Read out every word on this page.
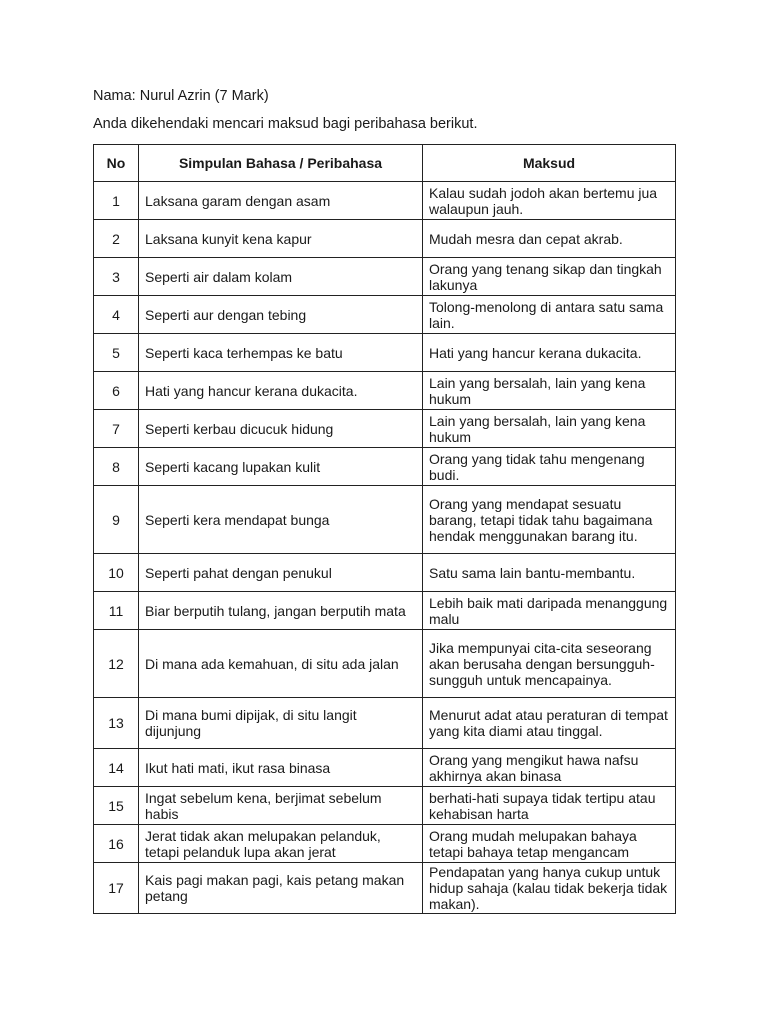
Nama: Nurul Azrin (7 Mark)
Anda dikehendaki mencari maksud bagi peribahasa berikut.
No	Simpulan Bahasa / Peribahasa	Maksud
1	Laksana garam dengan asam	Kalau sudah jodoh akan bertemu jua walaupun jauh.
2	Laksana kunyit kena kapur	Mudah mesra dan cepat akrab.
3	Seperti air dalam kolam	Orang yang tenang sikap dan tingkah lakunya
4	Seperti aur dengan tebing	Tolong-menolong di antara satu sama lain.
5	Seperti kaca terhempas ke batu	Hati yang hancur kerana dukacita.
6	Hati yang hancur kerana dukacita.	Lain yang bersalah, lain yang kena hukum
7	Seperti kerbau dicucuk hidung	Lain yang bersalah, lain yang kena hukum
8	Seperti kacang lupakan kulit	Orang yang tidak tahu mengenang budi.
9	Seperti kera mendapat bunga	Orang yang mendapat sesuatu barang, tetapi tidak tahu bagaimana hendak menggunakan barang itu.
10	Seperti pahat dengan penukul	Satu sama lain bantu-membantu.
11	Biar berputih tulang, jangan berputih mata	Lebih baik mati daripada menanggung malu
12	Di mana ada kemahuan, di situ ada jalan	Jika mempunyai cita-cita seseorang akan berusaha dengan bersungguh-sungguh untuk mencapainya.
13	Di mana bumi dipijak, di situ langit dijunjung	Menurut adat atau peraturan di tempat yang kita diami atau tinggal.
14	Ikut hati mati, ikut rasa binasa	Orang yang mengikut hawa nafsu akhirnya akan binasa
15	Ingat sebelum kena, berjimat sebelum habis	berhati-hati supaya tidak tertipu atau kehabisan harta
16	Jerat tidak akan melupakan pelanduk, tetapi pelanduk lupa akan jerat	Orang mudah melupakan bahaya tetapi bahaya tetap mengancam
17	Kais pagi makan pagi, kais petang makan petang	Pendapatan yang hanya cukup untuk hidup sahaja (kalau tidak bekerja tidak makan).
